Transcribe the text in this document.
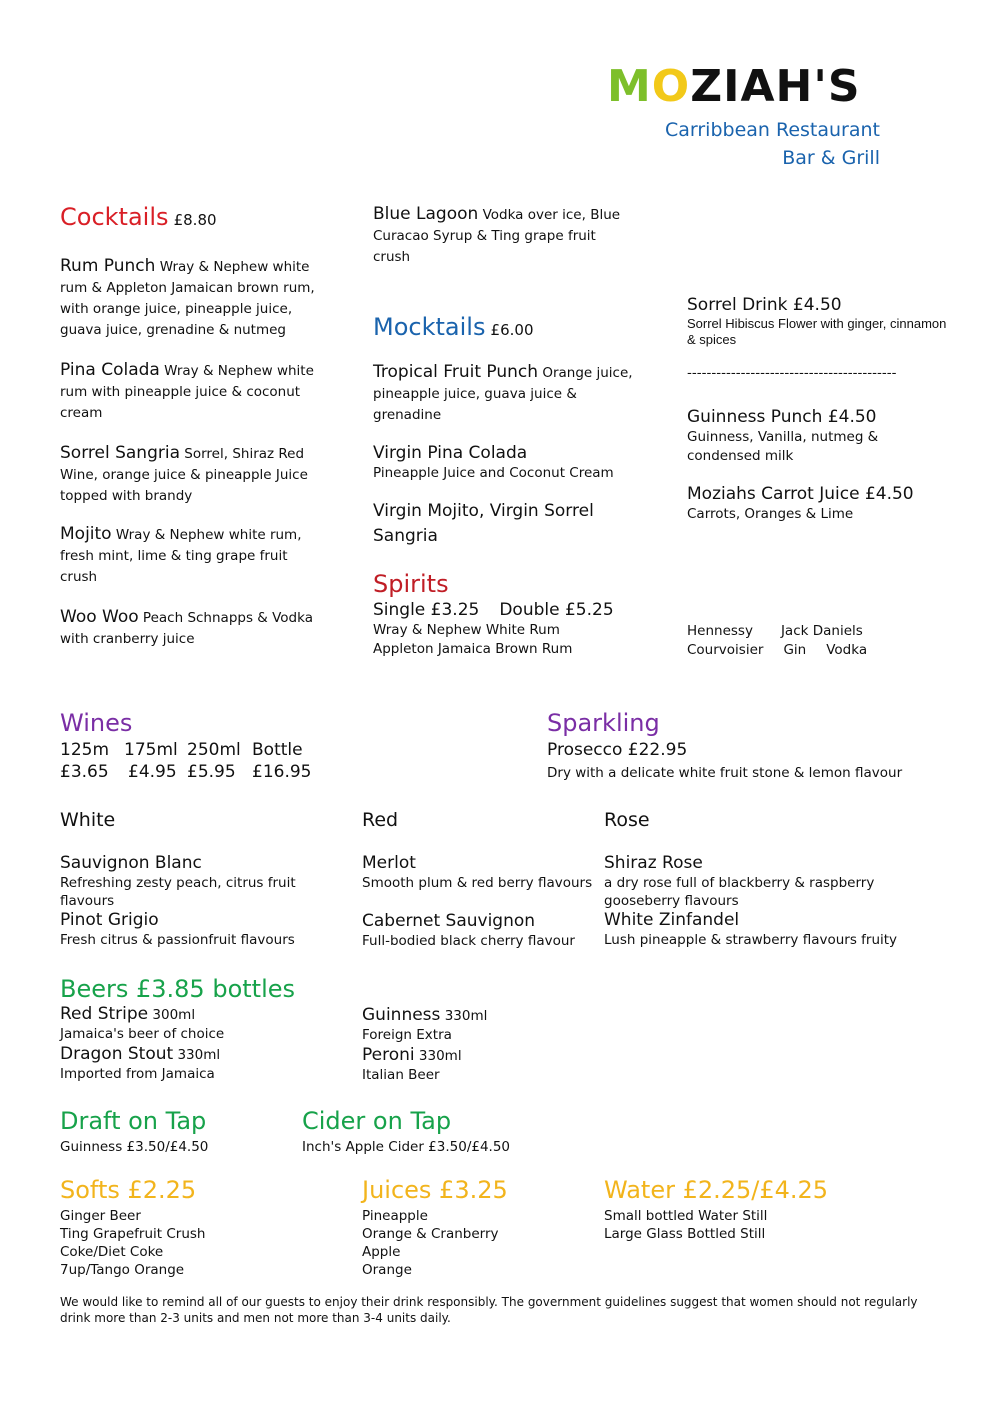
MOZIAH'S
Carribbean Restaurant
Bar & Grill
Cocktails £8.80
Rum Punch Wray & Nephew white rum & Appleton Jamaican brown rum, with orange juice, pineapple juice, guava juice, grenadine & nutmeg
Pina Colada Wray & Nephew white rum with pineapple juice & coconut cream
Sorrel Sangria Sorrel, Shiraz Red Wine, orange juice & pineapple Juice topped with brandy
Mojito Wray & Nephew white rum, fresh mint, lime & ting grape fruit crush
Woo Woo Peach Schnapps & Vodka with cranberry juice
Blue Lagoon Vodka over ice, Blue Curacao Syrup & Ting grape fruit crush
Mocktails £6.00
Tropical Fruit Punch Orange juice, pineapple juice, guava juice & grenadine
Virgin Pina Colada
Pineapple Juice and Coconut Cream
Virgin Mojito, Virgin Sorrel Sangria
Spirits
Single £3.25 Double £5.25
Wray & Nephew White Rum
Appleton Jamaica Brown Rum
Sorrel Drink £4.50
Sorrel Hibiscus Flower with ginger, cinnamon & spices
-------------------------------------------
Guinness Punch £4.50
Guinness, Vanilla, nutmeg & condensed milk
Moziahs Carrot Juice £4.50
Carrots, Oranges & Lime
Hennessy Jack Daniels
Courvoisier Gin Vodka
Wines
125m 175ml 250ml Bottle
£3.65 £4.95 £5.95 £16.95
Sparkling
Prosecco £22.95
Dry with a delicate white fruit stone & lemon flavour
White
Sauvignon Blanc
Refreshing zesty peach, citrus fruit flavours
Pinot Grigio
Fresh citrus & passionfruit flavours
Red
Merlot
Smooth plum & red berry flavours
Cabernet Sauvignon
Full-bodied black cherry flavour
Rose
Shiraz Rose
a dry rose full of blackberry & raspberry gooseberry flavours
White Zinfandel
Lush pineapple & strawberry flavours fruity
Beers £3.85 bottles
Red Stripe 300ml
Jamaica's beer of choice
Dragon Stout 330ml
Imported from Jamaica
Guinness 330ml
Foreign Extra
Peroni 330ml
Italian Beer
Draft on Tap
Guinness £3.50/£4.50
Cider on Tap
Inch's Apple Cider £3.50/£4.50
Softs £2.25
Ginger Beer
Ting Grapefruit Crush
Coke/Diet Coke
7up/Tango Orange
Juices £3.25
Pineapple
Orange & Cranberry
Apple
Orange
Water £2.25/£4.25
Small bottled Water Still
Large Glass Bottled Still
We would like to remind all of our guests to enjoy their drink responsibly. The government guidelines suggest that women should not regularly drink more than 2-3 units and men not more than 3-4 units daily.
